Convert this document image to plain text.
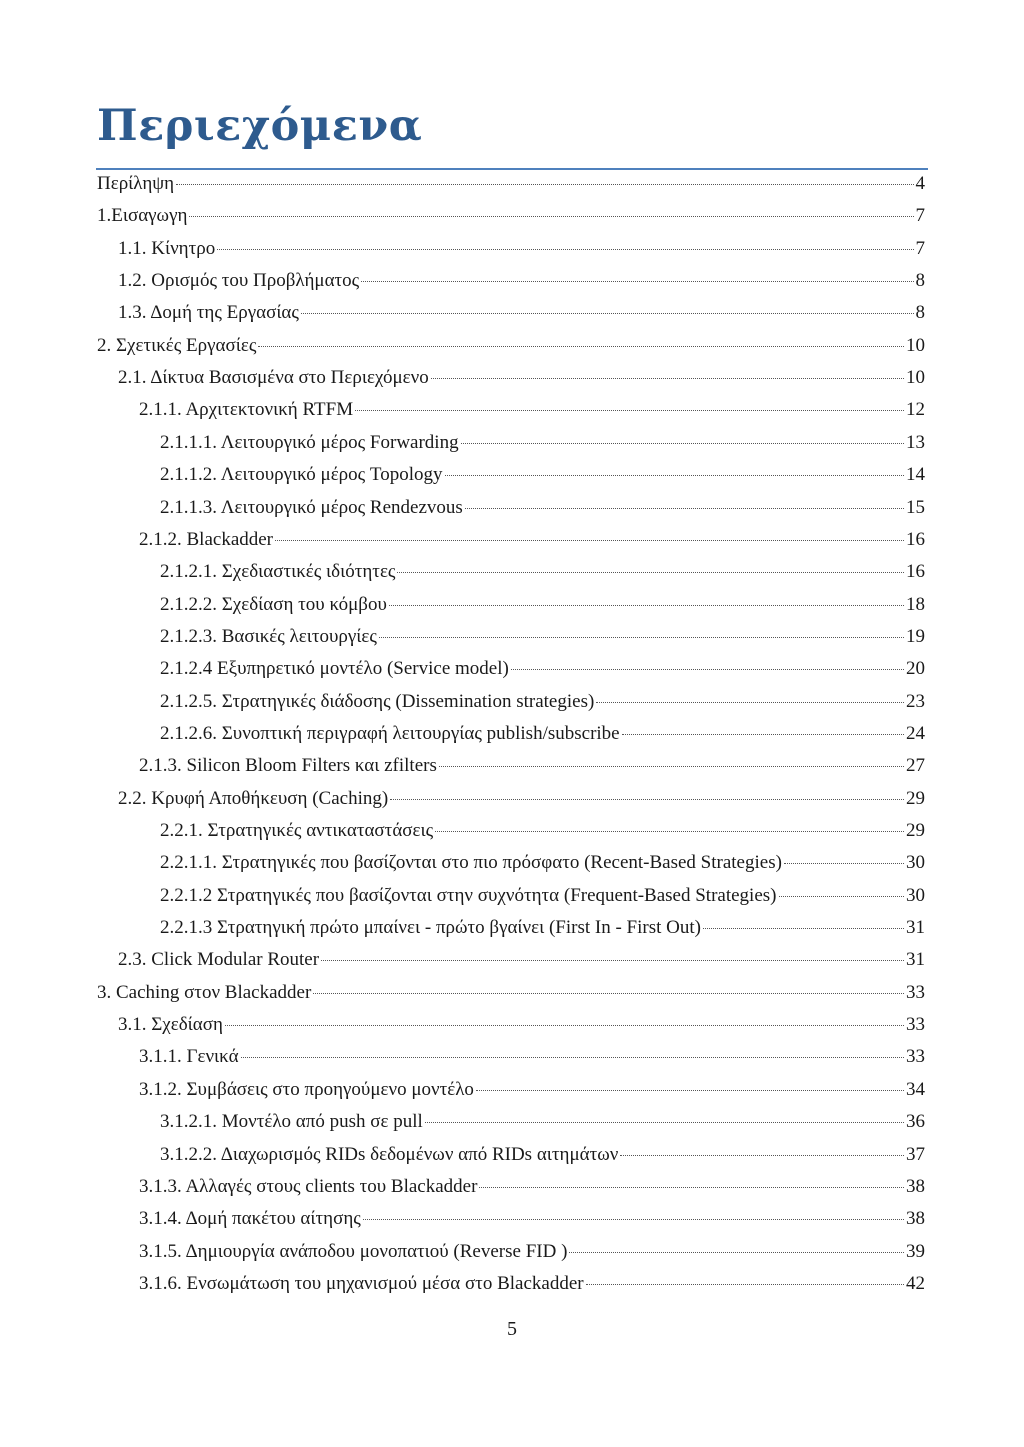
Περιεχόμενα
Περίληψη	4
1.Εισαγωγη	7
1.1. Κίνητρο	7
1.2. Ορισμός του Προβλήματος	8
1.3. Δομή της Εργασίας	8
2. Σχετικές Εργασίες	10
2.1. Δίκτυα Βασισμένα στο Περιεχόμενο	10
2.1.1. Αρχιτεκτονική RTFM	12
2.1.1.1. Λειτουργικό μέρος Forwarding	13
2.1.1.2. Λειτουργικό μέρος Topology	14
2.1.1.3. Λειτουργικό μέρος Rendezvous	15
2.1.2. Blackadder	16
2.1.2.1. Σχεδιαστικές ιδιότητες	16
2.1.2.2. Σχεδίαση του κόμβου	18
2.1.2.3. Βασικές λειτουργίες	19
2.1.2.4 Εξυπηρετικό μοντέλο (Service model)	20
2.1.2.5. Στρατηγικές διάδοσης (Dissemination strategies)	23
2.1.2.6. Συνοπτική περιγραφή λειτουργίας publish/subscribe	24
2.1.3. Silicon Bloom Filters και zfilters	27
2.2. Κρυφή Αποθήκευση (Caching)	29
2.2.1. Στρατηγικές αντικαταστάσεις	29
2.2.1.1. Στρατηγικές που βασίζονται στο πιο πρόσφατο (Recent-Based Strategies)	30
2.2.1.2 Στρατηγικές που βασίζονται στην συχνότητα (Frequent-Based Strategies)	30
2.2.1.3 Στρατηγική πρώτο μπαίνει - πρώτο βγαίνει (First In - First Out)	31
2.3. Click Modular Router	31
3. Caching στον Blackadder	33
3.1. Σχεδίαση	33
3.1.1. Γενικά	33
3.1.2. Συμβάσεις στο προηγούμενο μοντέλο	34
3.1.2.1. Μοντέλο από push σε pull	36
3.1.2.2. Διαχωρισμός RIDs δεδομένων από RIDs αιτημάτων	37
3.1.3. Αλλαγές στους clients του Blackadder	38
3.1.4. Δομή πακέτου αίτησης	38
3.1.5. Δημιουργία ανάποδου μονοπατιού (Reverse FID )	39
3.1.6. Ενσωμάτωση του μηχανισμού μέσα στο Blackadder	42
5
